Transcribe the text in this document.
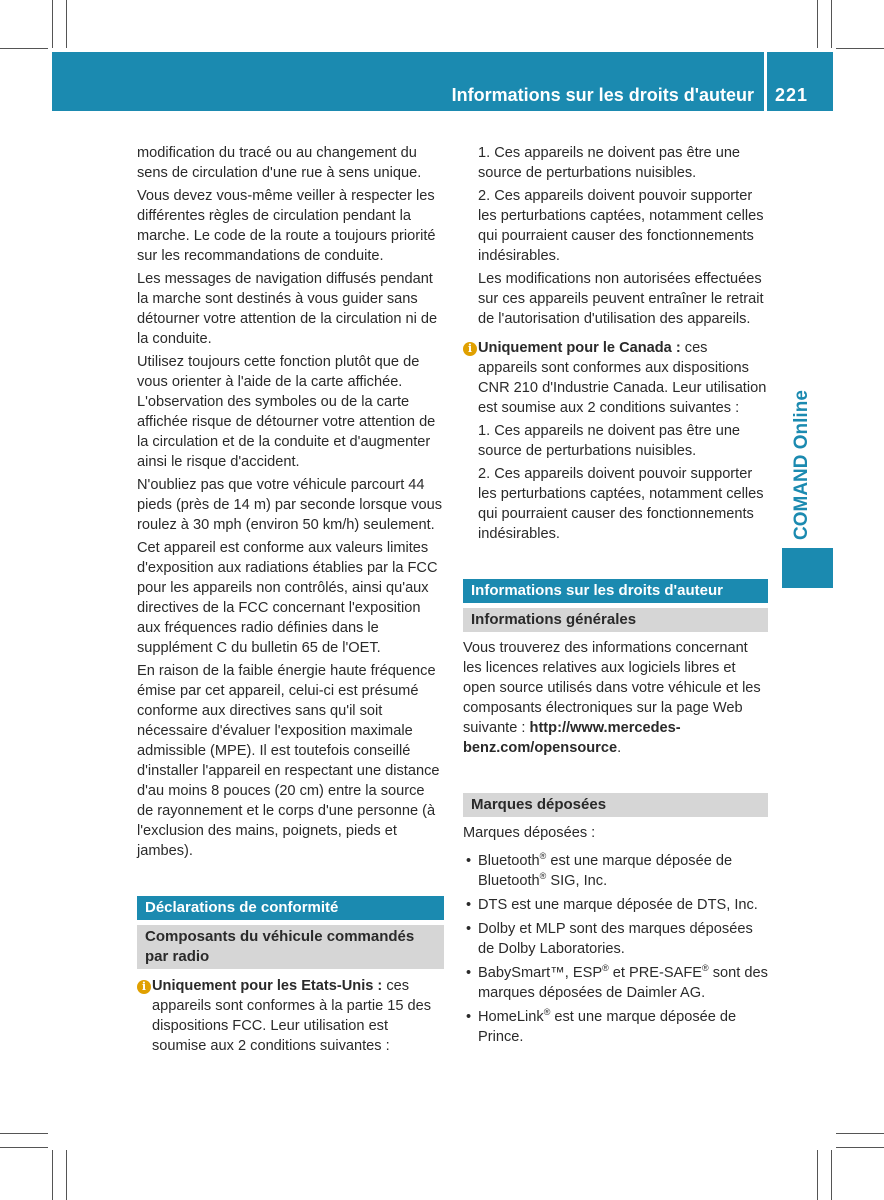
Informations sur les droits d'auteur 221
COMAND Online

modification du tracé ou au changement du sens de circulation d'une rue à sens unique.

Vous devez vous-même veiller à respecter les différentes règles de circulation pendant la marche. Le code de la route a toujours priorité sur les recommandations de conduite.

Les messages de navigation diffusés pendant la marche sont destinés à vous guider sans détourner votre attention de la circulation ni de la conduite.

Utilisez toujours cette fonction plutôt que de vous orienter à l'aide de la carte affichée. L'observation des symboles ou de la carte affichée risque de détourner votre attention de la circulation et de la conduite et d'augmenter ainsi le risque d'accident.

N'oubliez pas que votre véhicule parcourt 44 pieds (près de 14 m) par seconde lorsque vous roulez à 30 mph (environ 50 km/h) seulement.

Cet appareil est conforme aux valeurs limites d'exposition aux radiations établies par la FCC pour les appareils non contrôlés, ainsi qu'aux directives de la FCC concernant l'exposition aux fréquences radio définies dans le supplément C du bulletin 65 de l'OET.

En raison de la faible énergie haute fréquence émise par cet appareil, celui-ci est présumé conforme aux directives sans qu'il soit nécessaire d'évaluer l'exposition maximale admissible (MPE). Il est toutefois conseillé d'installer l'appareil en respectant une distance d'au moins 8 pouces (20 cm) entre la source de rayonnement et le corps d'une personne (à l'exclusion des mains, poignets, pieds et jambes).

Déclarations de conformité
Composants du véhicule commandés par radio
i Uniquement pour les Etats-Unis : ces appareils sont conformes à la partie 15 des dispositions FCC. Leur utilisation est soumise aux 2 conditions suivantes :

1. Ces appareils ne doivent pas être une source de perturbations nuisibles.

2. Ces appareils doivent pouvoir supporter les perturbations captées, notamment celles qui pourraient causer des fonctionnements indésirables.

Les modifications non autorisées effectuées sur ces appareils peuvent entraîner le retrait de l'autorisation d'utilisation des appareils.

i Uniquement pour le Canada : ces appareils sont conformes aux dispositions CNR 210 d'Industrie Canada. Leur utilisation est soumise aux 2 conditions suivantes :

1. Ces appareils ne doivent pas être une source de perturbations nuisibles.

2. Ces appareils doivent pouvoir supporter les perturbations captées, notamment celles qui pourraient causer des fonctionnements indésirables.

Informations sur les droits d'auteur
Informations générales

Vous trouverez des informations concernant les licences relatives aux logiciels libres et open source utilisés dans votre véhicule et les composants électroniques sur la page Web suivante : http://www.mercedes-benz.com/opensource.

Marques déposées

Marques déposées :

• Bluetooth® est une marque déposée de Bluetooth® SIG, Inc.
• DTS est une marque déposée de DTS, Inc.
• Dolby et MLP sont des marques déposées de Dolby Laboratories.
• BabySmart™, ESP® et PRE-SAFE® sont des marques déposées de Daimler AG.
• HomeLink® est une marque déposée de Prince.
